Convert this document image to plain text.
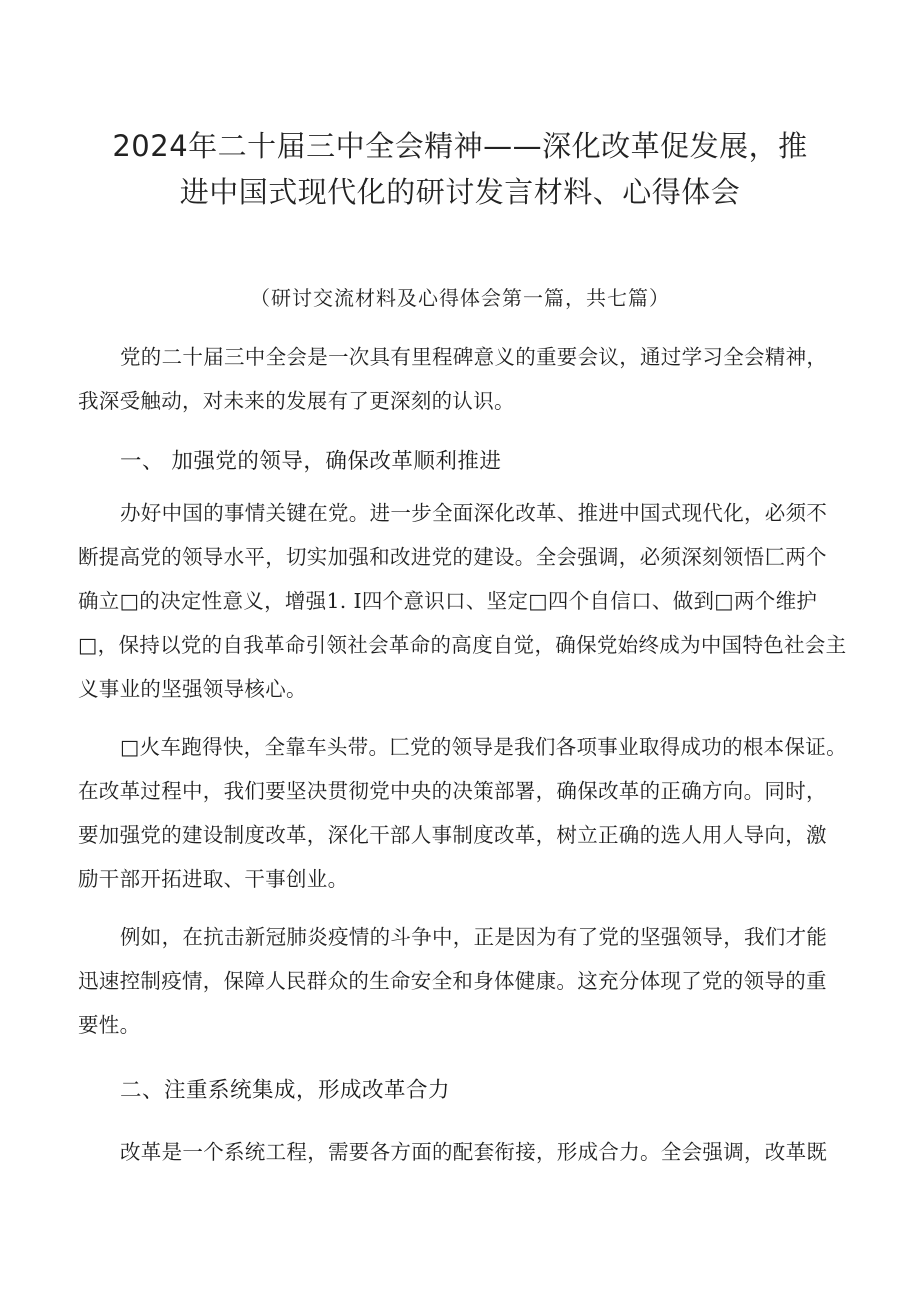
2024年二十届三中全会精神——深化改革促发展，推
进中国式现代化的研讨发言材料、心得体会
（研讨交流材料及心得体会第一篇，共七篇）
党的二十届三中全会是一次具有里程碑意义的重要会议，通过学习全会精神，
我深受触动，对未来的发展有了更深刻的认识。
一、 加强党的领导，确保改革顺利推进
办好中国的事情关键在党。进一步全面深化改革、推进中国式现代化，必须不
断提高党的领导水平，切实加强和改进党的建设。全会强调，必须深刻领悟匚两个
确立□的决定性意义，增强1. I四个意识口、坚定□四个自信口、做到□两个维护
□，保持以党的自我革命引领社会革命的高度自觉，确保党始终成为中国特色社会主
义事业的坚强领导核心。
□火车跑得快，全靠车头带。匚党的领导是我们各项事业取得成功的根本保证。
在改革过程中，我们要坚决贯彻党中央的决策部署，确保改革的正确方向。同时，
要加强党的建设制度改革，深化干部人事制度改革，树立正确的选人用人导向，激
励干部开拓进取、干事创业。
例如，在抗击新冠肺炎疫情的斗争中，正是因为有了党的坚强领导，我们才能
迅速控制疫情，保障人民群众的生命安全和身体健康。这充分体现了党的领导的重
要性。
二、注重系统集成，形成改革合力
改革是一个系统工程，需要各方面的配套衔接，形成合力。全会强调，改革既
